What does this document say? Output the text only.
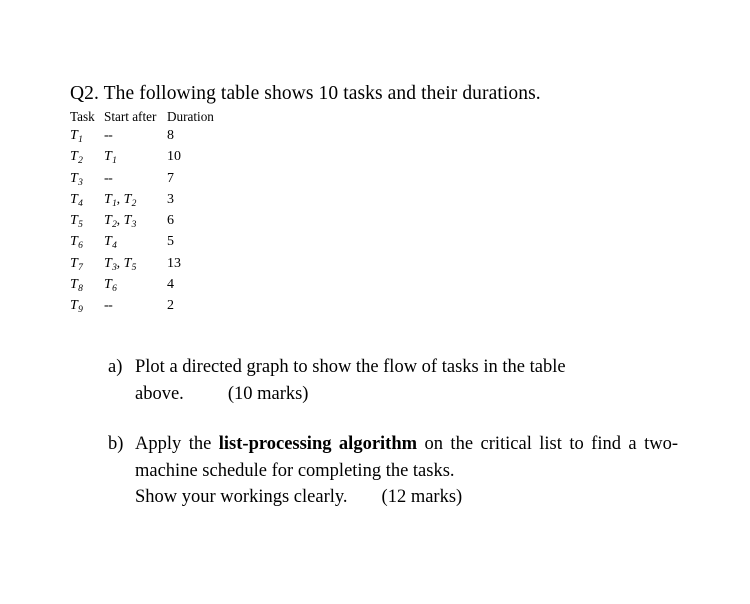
Q2. The following table shows 10 tasks and their durations.
Task	Start after	Duration
$T_1$	--	8
$T_2$	$T_1$	10
$T_3$	--	7
$T_4$	$T_1$, $T_2$	3
$T_5$	$T_2$, $T_3$	6
$T_6$	$T_4$	5
$T_7$	$T_3$, $T_5$	13
$T_8$	$T_6$	4
$T_9$	--	2
a) Plot a directed graph to show the flow of tasks in the table
above. (10 marks)
b) Apply the list-processing algorithm on the critical list to find a two-machine schedule for completing the tasks.
Show your workings clearly. (12 marks)
